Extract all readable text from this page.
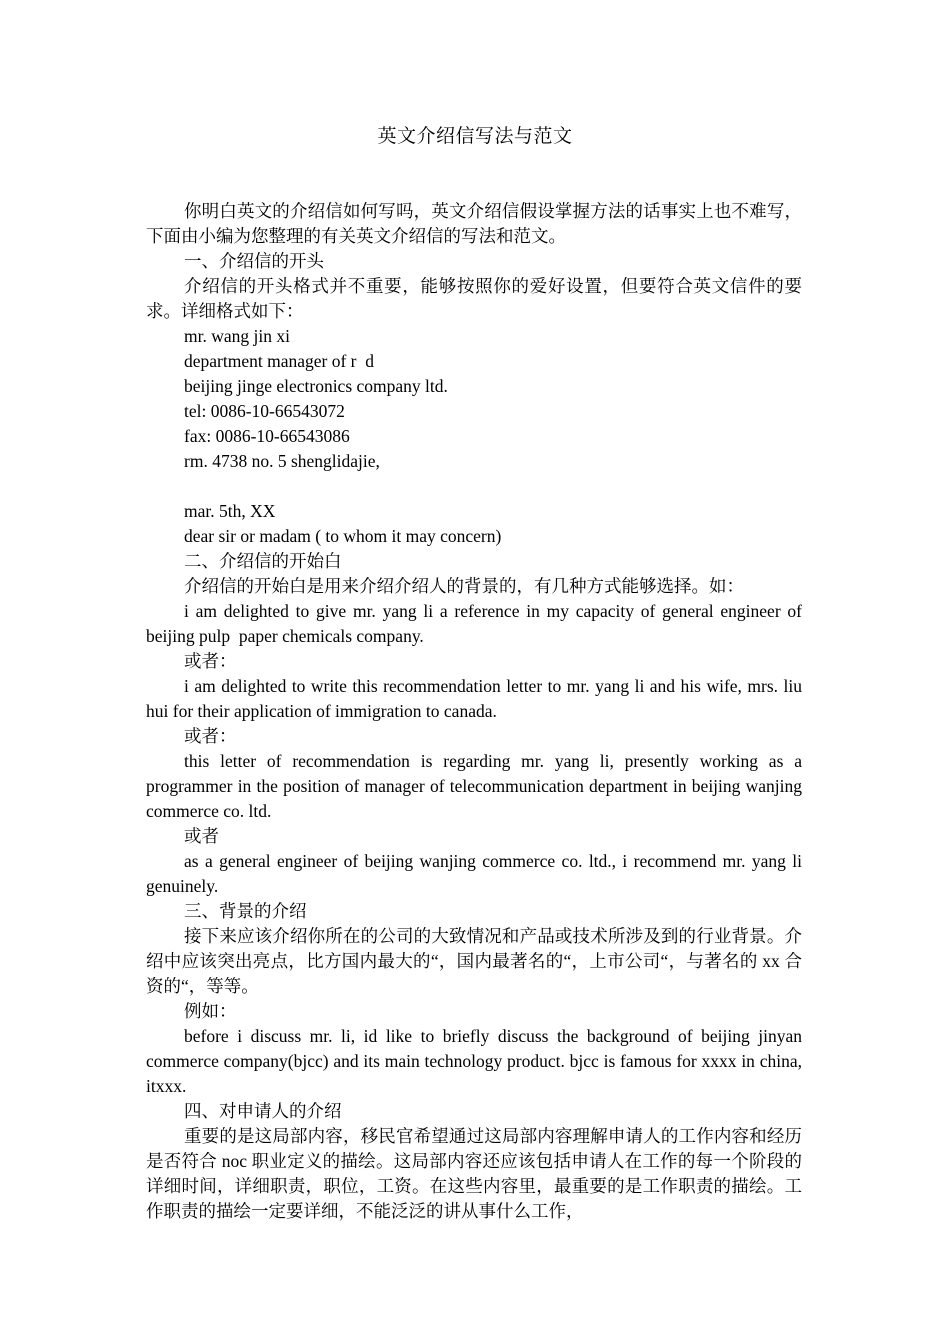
英文介绍信写法与范文

你明白英文的介绍信如何写吗，英文介绍信假设掌握方法的话事实上也不难写，下面由小编为您整理的有关英文介绍信的写法和范文。

一、介绍信的开头

介绍信的开头格式并不重要，能够按照你的爱好设置，但要符合英文信件的要求。详细格式如下：

mr. wang jin xi

department manager of r  d

beijing jinge electronics company ltd.

tel: 0086-10-66543072

fax: 0086-10-66543086

rm. 4738 no. 5 shenglidajie,

mar. 5th, XX

dear sir or madam ( to whom it may concern)

二、介绍信的开始白

介绍信的开始白是用来介绍介绍人的背景的，有几种方式能够选择。如：

i am delighted to give mr. yang li a reference in my capacity of general engineer of beijing pulp  paper chemicals company.

或者：

i am delighted to write this recommendation letter to mr. yang li and his wife, mrs. liu hui for their application of immigration to canada.

或者：

this letter of recommendation is regarding mr. yang li, presently working as a programmer in the position of manager of telecommunication department in beijing wanjing commerce co. ltd.

或者

as a general engineer of beijing wanjing commerce co. ltd., i recommend mr. yang li genuinely.

三、背景的介绍

接下来应该介绍你所在的公司的大致情况和产品或技术所涉及到的行业背景。介绍中应该突出亮点，比方国内最大的“，国内最著名的“，上市公司“，与著名的 xx 合资的“，等等。

例如：

before i discuss mr. li, id like to briefly discuss the background of beijing jinyan commerce company(bjcc) and its main technology product. bjcc is famous for xxxx in china, itxxx.

四、对申请人的介绍

重要的是这局部内容，移民官希望通过这局部内容理解申请人的工作内容和经历是否符合 noc 职业定义的描绘。这局部内容还应该包括申请人在工作的每一个阶段的详细时间，详细职责，职位，工资。在这些内容里，最重要的是工作职责的描绘。工作职责的描绘一定要详细，不能泛泛的讲从事什么工作，
